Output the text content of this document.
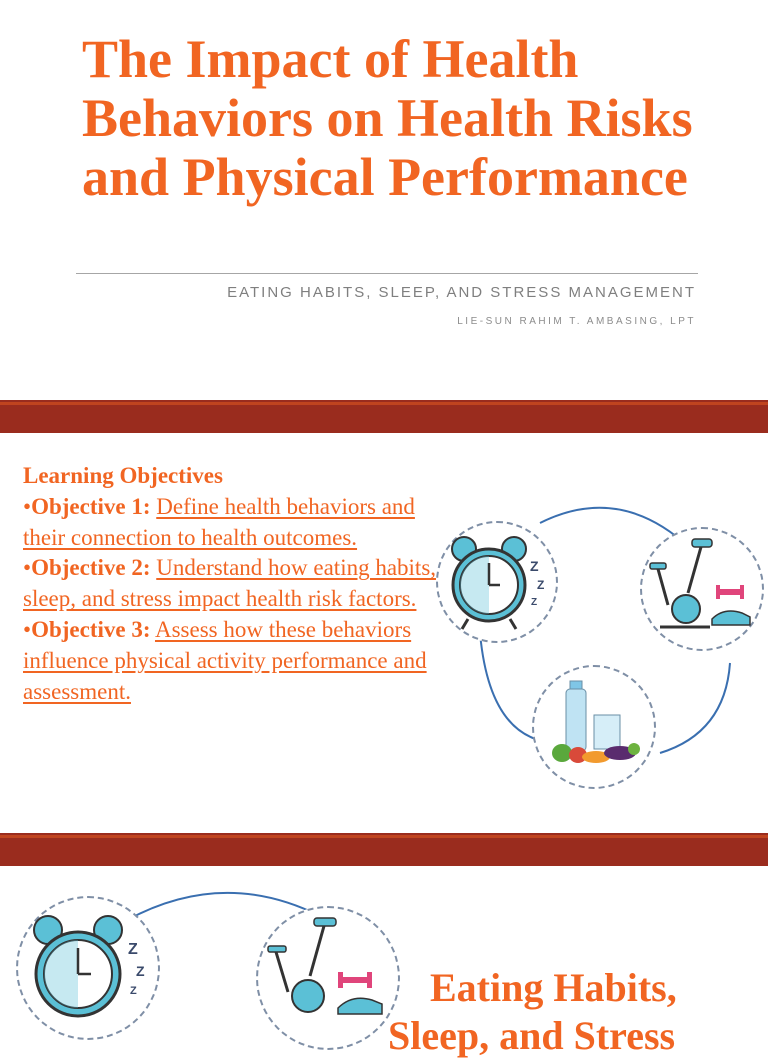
The Impact of Health Behaviors on Health Risks and Physical Performance
EATING HABITS, SLEEP, AND STRESS MANAGEMENT
LIE-SUN RAHIM T. AMBASING, LPT
Learning Objectives
•Objective 1: Define health behaviors and their connection to health outcomes.
•Objective 2: Understand how eating habits, sleep, and stress impact health risk factors.
•Objective 3: Assess how these behaviors influence physical activity performance and assessment.
Z
Z
Z
Z
Z
Z	Eating Habits,
Sleep, and Stress
